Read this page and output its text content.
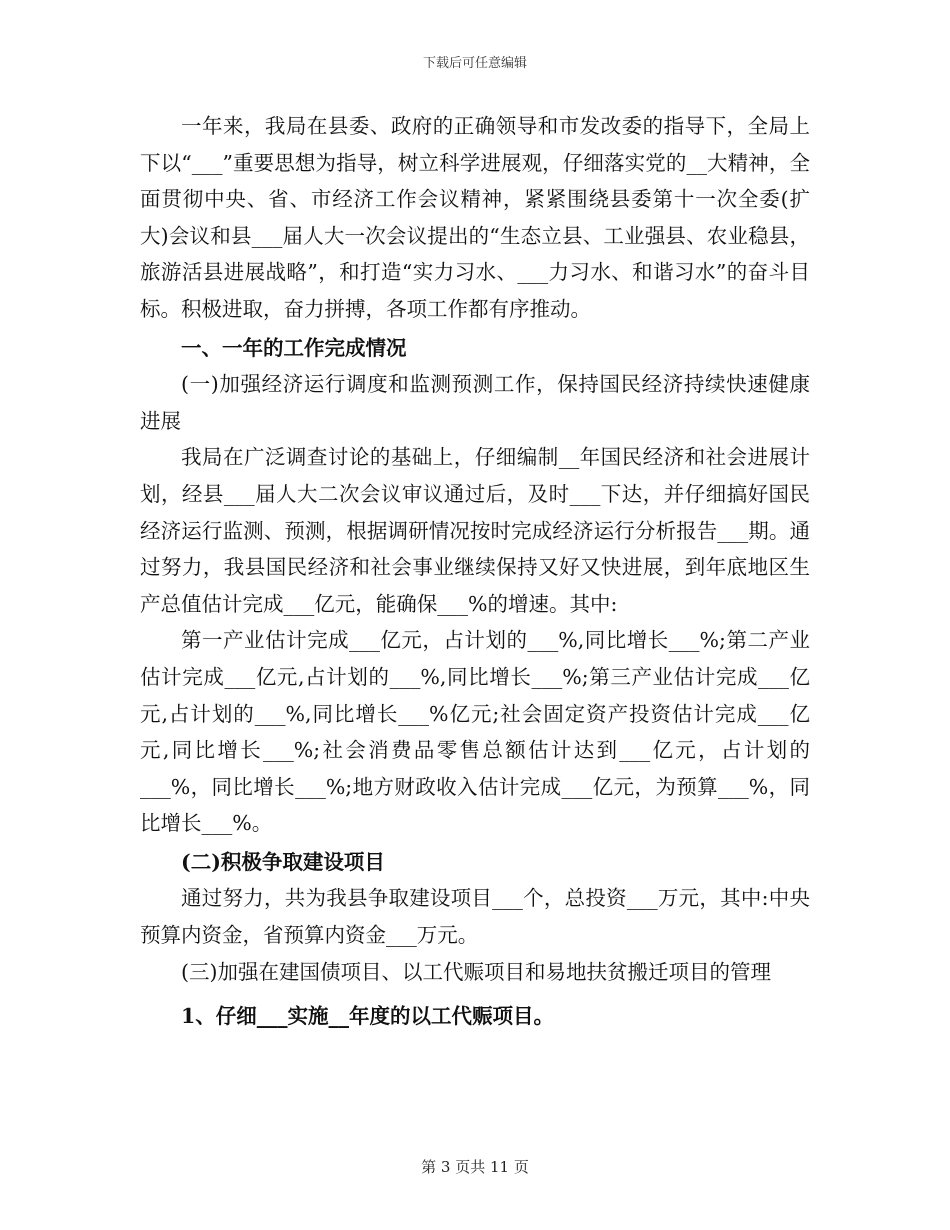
下载后可任意编辑

一年来，我局在县委、政府的正确领导和市发改委的指导下，全局上下以“___”重要思想为指导，树立科学进展观，仔细落实党的__大精神，全面贯彻中央、省、市经济工作会议精神，紧紧围绕县委第十一次全委(扩大)会议和县___届人大一次会议提出的“生态立县、工业强县、农业稳县，旅游活县进展战略”，和打造“实力习水、___力习水、和谐习水”的奋斗目标。积极进取，奋力拼搏，各项工作都有序推动。

一、一年的工作完成情况

(一)加强经济运行调度和监测预测工作，保持国民经济持续快速健康进展

我局在广泛调查讨论的基础上，仔细编制__年国民经济和社会进展计划，经县___届人大二次会议审议通过后，及时___下达，并仔细搞好国民经济运行监测、预测，根据调研情况按时完成经济运行分析报告___期。通过努力，我县国民经济和社会事业继续保持又好又快进展，到年底地区生产总值估计完成___亿元，能确保___%的增速。其中:

第一产业估计完成___亿元，占计划的___%,同比增长___%;第二产业估计完成___亿元,占计划的___%,同比增长___%;第三产业估计完成___亿元,占计划的___%,同比增长___%亿元;社会固定资产投资估计完成___亿元,同比增长___%;社会消费品零售总额估计达到___亿元，占计划的___%，同比增长___%;地方财政收入估计完成___亿元，为预算___%，同比增长___%。

(二)积极争取建设项目

通过努力，共为我县争取建设项目___个，总投资___万元，其中:中央预算内资金，省预算内资金___万元。

(三)加强在建国债项目、以工代赈项目和易地扶贫搬迁项目的管理

1、仔细___实施__年度的以工代赈项目。

第 3 页共 11 页
